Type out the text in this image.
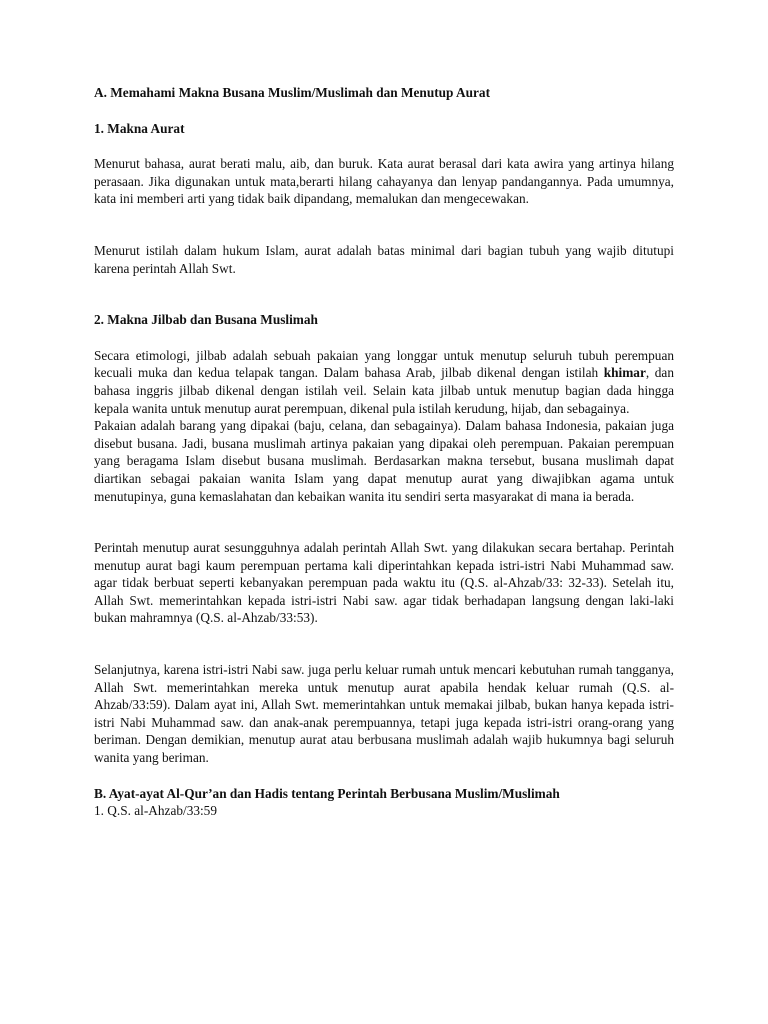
A. Memahami Makna Busana Muslim/Muslimah dan Menutup Aurat

1. Makna Aurat

Menurut bahasa, aurat berati malu, aib, dan buruk. Kata aurat berasal dari kata awira yang artinya hilang perasaan. Jika digunakan untuk mata,berarti hilang cahayanya dan lenyap pandangannya. Pada umumnya, kata ini memberi arti yang tidak baik dipandang, memalukan dan mengecewakan.

Menurut istilah dalam hukum Islam, aurat adalah batas minimal dari bagian tubuh yang wajib ditutupi karena perintah Allah Swt.

2. Makna Jilbab dan Busana Muslimah

Secara etimologi, jilbab adalah sebuah pakaian yang longgar untuk menutup seluruh tubuh perempuan kecuali muka dan kedua telapak tangan. Dalam bahasa Arab, jilbab dikenal dengan istilah khimar, dan bahasa inggris jilbab dikenal dengan istilah veil. Selain kata jilbab untuk menutup bagian dada hingga kepala wanita untuk menutup aurat perempuan, dikenal pula istilah kerudung, hijab, dan sebagainya.

Pakaian adalah barang yang dipakai (baju, celana, dan sebagainya). Dalam bahasa Indonesia, pakaian juga disebut busana. Jadi, busana muslimah artinya pakaian yang dipakai oleh perempuan. Pakaian perempuan yang beragama Islam disebut busana muslimah. Berdasarkan makna tersebut, busana muslimah dapat diartikan sebagai pakaian wanita Islam yang dapat menutup aurat yang diwajibkan agama untuk menutupinya, guna kemaslahatan dan kebaikan wanita itu sendiri serta masyarakat di mana ia berada.

Perintah menutup aurat sesungguhnya adalah perintah Allah Swt. yang dilakukan secara bertahap. Perintah menutup aurat bagi kaum perempuan pertama kali diperintahkan kepada istri-istri Nabi Muhammad saw. agar tidak berbuat seperti kebanyakan perempuan pada waktu itu (Q.S. al-Ahzab/33: 32-33). Setelah itu, Allah Swt. memerintahkan kepada istri-istri Nabi saw. agar tidak berhadapan langsung dengan laki-laki bukan mahramnya (Q.S. al-Ahzab/33:53).

Selanjutnya, karena istri-istri Nabi saw. juga perlu keluar rumah untuk mencari kebutuhan rumah tangganya, Allah Swt. memerintahkan mereka untuk menutup aurat apabila hendak keluar rumah (Q.S. al-Ahzab/33:59). Dalam ayat ini, Allah Swt. memerintahkan untuk memakai jilbab, bukan hanya kepada istri-istri Nabi Muhammad saw. dan anak-anak perempuannya, tetapi juga kepada istri-istri orang-orang yang beriman. Dengan demikian, menutup aurat atau berbusana muslimah adalah wajib hukumnya bagi seluruh wanita yang beriman.

B. Ayat-ayat Al-Qur’an dan Hadis tentang Perintah Berbusana Muslim/Muslimah

1. Q.S. al-Ahzab/33:59
